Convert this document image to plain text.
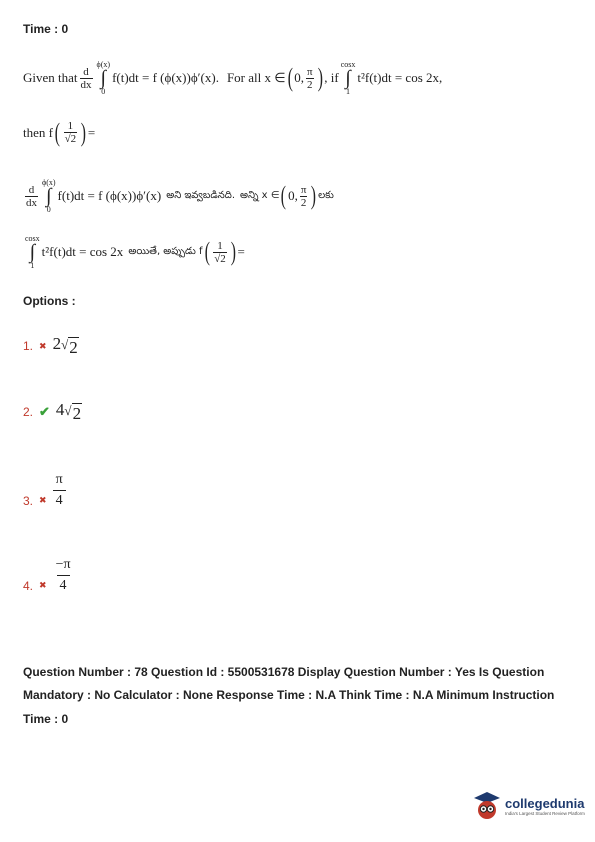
Time : 0
Given that $\frac{d}{dx}$
ϕ(x)
∫
0
f(t)dt = f (ϕ(x))ϕ′(x). For all x ∈ ( 0, $\frac{\pi}{2}$ ) , if
cosx
∫
1
t²f(t)dt = cos 2x,
then f ( $\frac{1}{√2}$ ) =
$\frac{d}{dx}$
ϕ(x)
∫
0
f(t)dt = f (ϕ(x))ϕ′(x) అని ఇవ్వబడినది. అన్ని x ∈ ( 0, $\frac{\pi}{2}$ ) లకు
cosx
∫
1
t²f(t)dt = cos 2x అయితే, అప్పుడు f ( $\frac{1}{√2}$ ) =
Options :
1. ✖ 2 √ 2
2. ✔ 4 √ 2
3. ✖
π
4
4. ✖
−π
4
Question Number : 78 Question Id : 5500531678 Display Question Number : Yes Is Question
Mandatory : No Calculator : None Response Time : N.A Think Time : N.A Minimum Instruction
Time : 0
collegedunia
India's Largest Student Review Platform
